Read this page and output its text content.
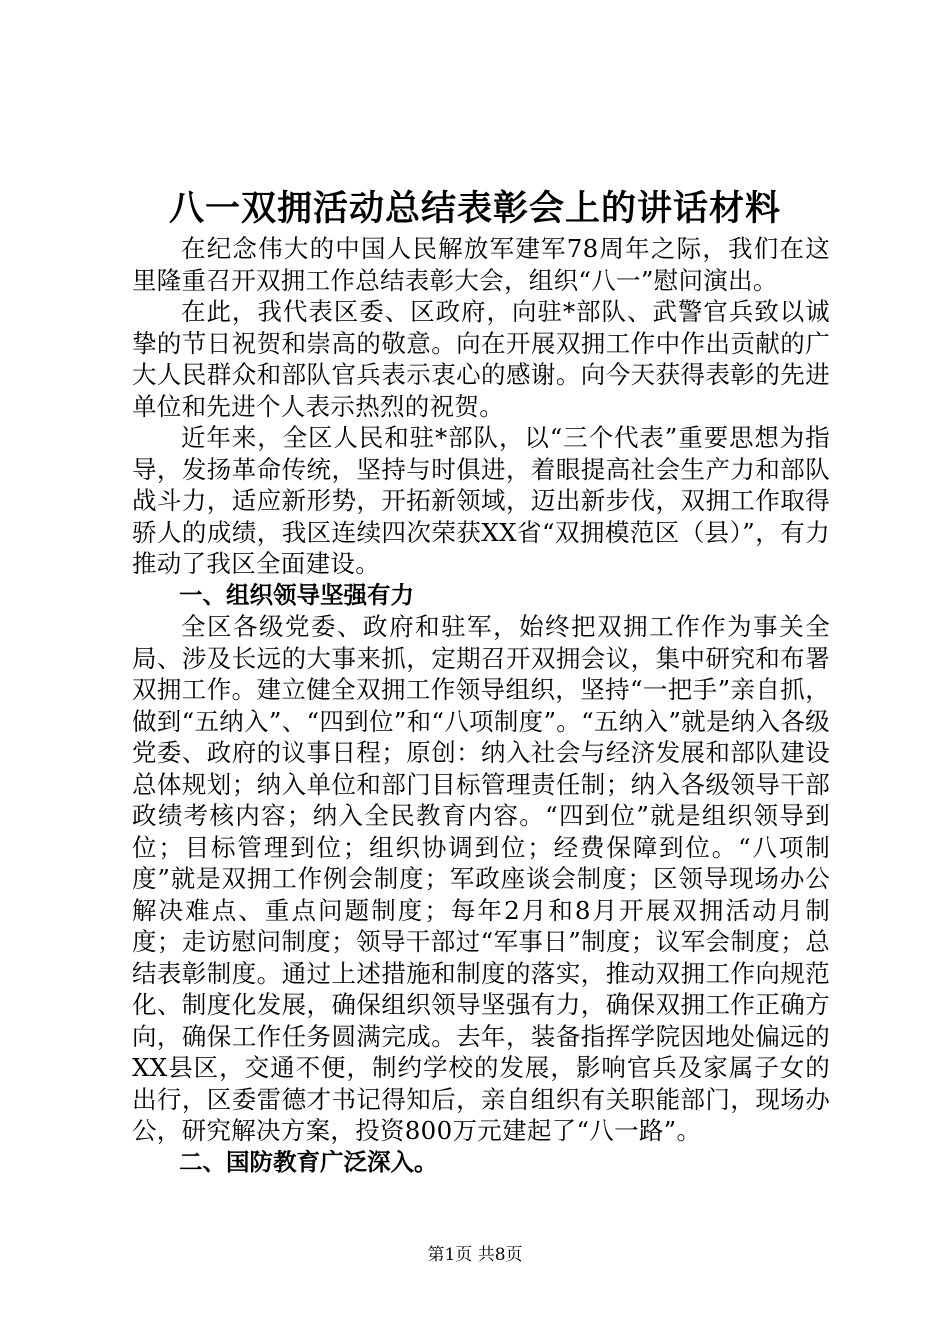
八一双拥活动总结表彰会上的讲话材料

在纪念伟大的中国人民解放军建军78周年之际，我们在这里隆重召开双拥工作总结表彰大会，组织“八一”慰问演出。

在此，我代表区委、区政府，向驻*部队、武警官兵致以诚挚的节日祝贺和崇高的敬意。向在开展双拥工作中作出贡献的广大人民群众和部队官兵表示衷心的感谢。向今天获得表彰的先进单位和先进个人表示热烈的祝贺。

近年来，全区人民和驻*部队，以“三个代表”重要思想为指导，发扬革命传统，坚持与时俱进，着眼提高社会生产力和部队战斗力，适应新形势，开拓新领域，迈出新步伐，双拥工作取得骄人的成绩，我区连续四次荣获XX省“双拥模范区（县）”，有力推动了我区全面建设。

一、组织领导坚强有力

全区各级党委、政府和驻军，始终把双拥工作作为事关全局、涉及长远的大事来抓，定期召开双拥会议，集中研究和布署双拥工作。建立健全双拥工作领导组织，坚持“一把手”亲自抓，做到“五纳入”、“四到位”和“八项制度”。“五纳入”就是纳入各级党委、政府的议事日程；原创：纳入社会与经济发展和部队建设总体规划；纳入单位和部门目标管理责任制；纳入各级领导干部政绩考核内容；纳入全民教育内容。“四到位”就是组织领导到位；目标管理到位；组织协调到位；经费保障到位。“八项制度”就是双拥工作例会制度；军政座谈会制度；区领导现场办公解决难点、重点问题制度；每年2月和8月开展双拥活动月制度；走访慰问制度；领导干部过“军事日”制度；议军会制度；总结表彰制度。通过上述措施和制度的落实，推动双拥工作向规范化、制度化发展，确保组织领导坚强有力，确保双拥工作正确方向，确保工作任务圆满完成。去年，装备指挥学院因地处偏远的XX县区，交通不便，制约学校的发展，影响官兵及家属子女的出行，区委雷德才书记得知后，亲自组织有关职能部门，现场办公，研究解决方案，投资800万元建起了“八一路”。

二、国防教育广泛深入。

第1页 共8页
